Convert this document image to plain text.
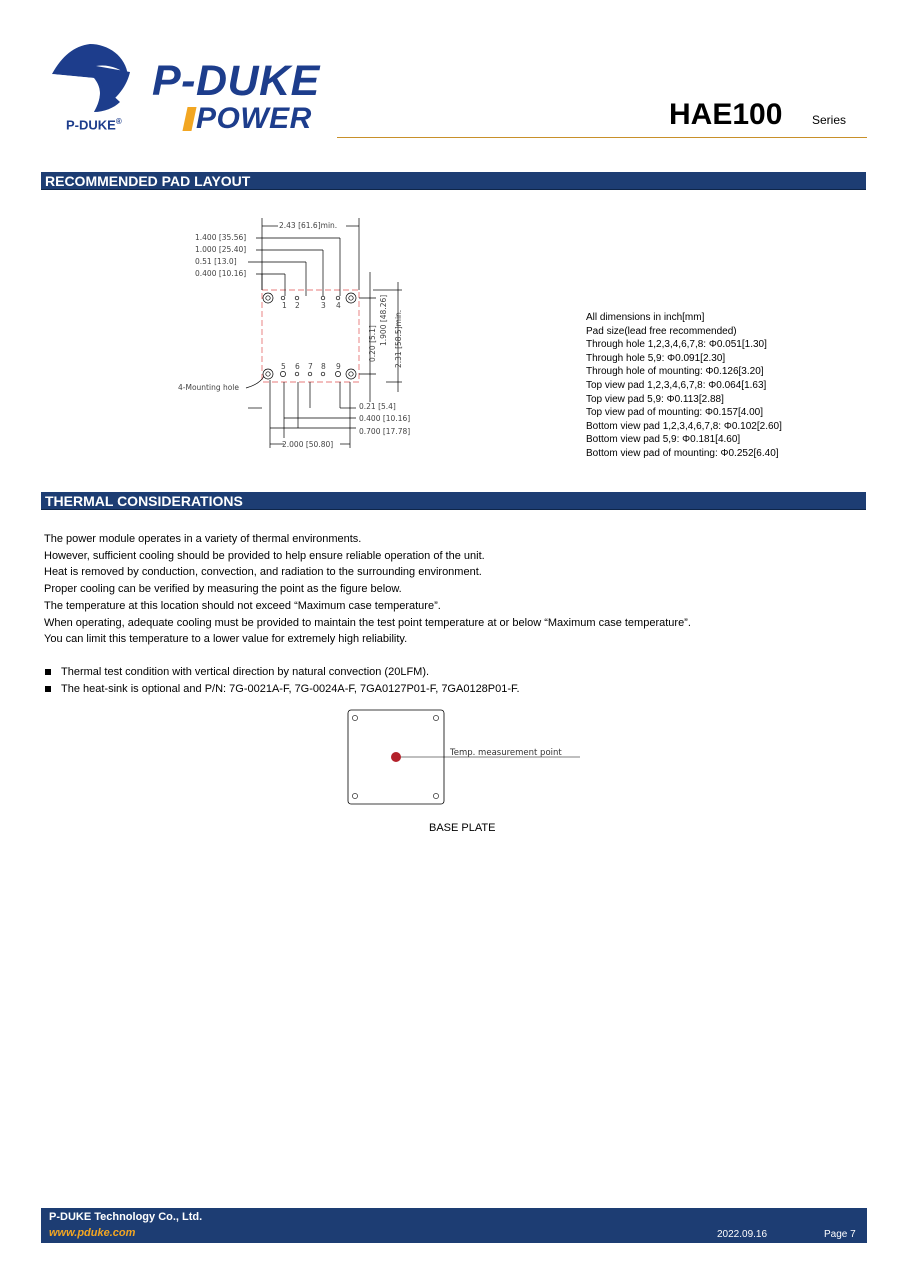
P-DUKE®
P-DUKE
POWER	HAE100 Series
RECOMMENDED PAD LAYOUT
2.43 [61.6]min.
1.400 [35.56]
1.000 [25.40]
0.51 [13.0]
0.400 [10.16]
1 2	3 4
5 6 7 8 9
4-Mounting hole
0.21 [5.4]
0.400 [10.16]
0.700 [17.78]
2.000 [50.80]
0.20 [5.1] 1.900 [48.26] 2.31 [58.5]min.	All dimensions in inch[mm]
Pad size(lead free recommended)
Through hole 1,2,3,4,6,7,8: Φ0.051[1.30]
Through hole 5,9: Φ0.091[2.30]
Through hole of mounting: Φ0.126[3.20]
Top view pad 1,2,3,4,6,7,8: Φ0.064[1.63]
Top view pad 5,9: Φ0.113[2.88]
Top view pad of mounting: Φ0.157[4.00]
Bottom view pad 1,2,3,4,6,7,8: Φ0.102[2.60]
Bottom view pad 5,9: Φ0.181[4.60]
Bottom view pad of mounting: Φ0.252[6.40]
THERMAL CONSIDERATIONS
The power module operates in a variety of thermal environments.
However, sufficient cooling should be provided to help ensure reliable operation of the unit.
Heat is removed by conduction, convection, and radiation to the surrounding environment.
Proper cooling can be verified by measuring the point as the figure below.
The temperature at this location should not exceed “Maximum case temperature”.
When operating, adequate cooling must be provided to maintain the test point temperature at or below “Maximum case temperature”.
You can limit this temperature to a lower value for extremely high reliability.
Thermal test condition with vertical direction by natural convection (20LFM).
The heat-sink is optional and P/N: 7G-0021A-F, 7G-0024A-F, 7GA0127P01-F, 7GA0128P01-F.
Temp. measurement point
BASE PLATE
P-DUKE Technology Co., Ltd.
www.pduke.com	2022.09.16	Page 7
